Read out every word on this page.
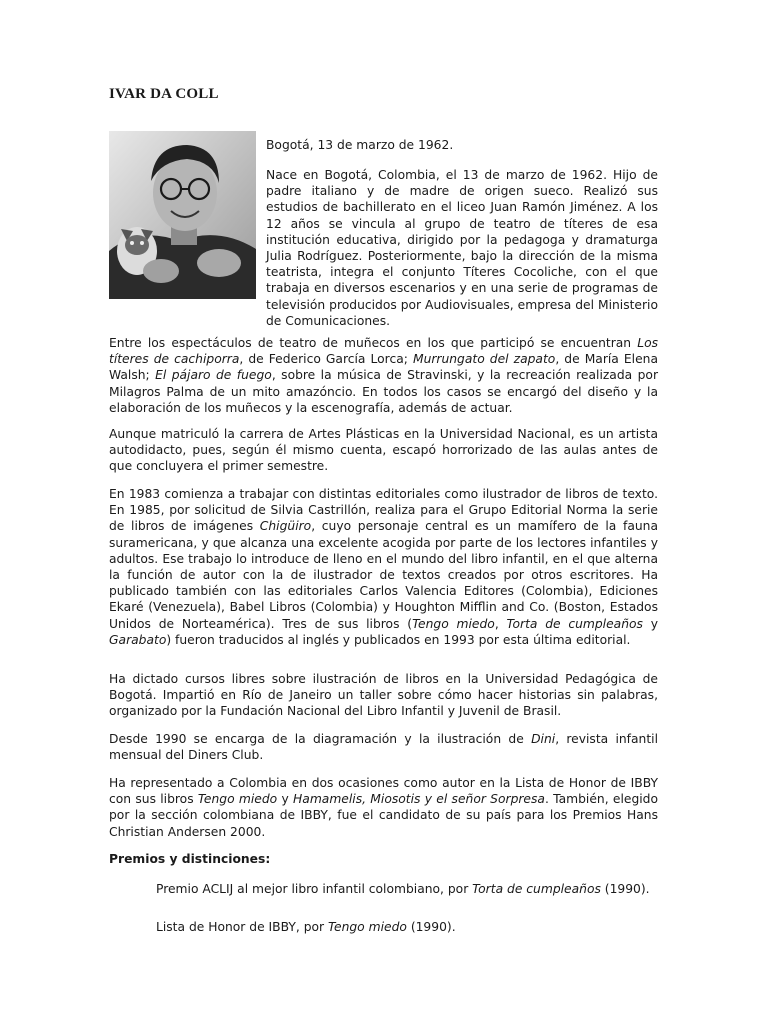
IVAR DA COLL

Bogotá, 13 de marzo de 1962.

Nace en Bogotá, Colombia, el 13 de marzo de 1962. Hijo de padre italiano y de madre de origen sueco. Realizó sus estudios de bachillerato en el liceo Juan Ramón Jiménez. A los 12 años se vincula al grupo de teatro de títeres de esa institución educativa, dirigido por la pedagoga y dramaturga Julia Rodríguez. Posteriormente, bajo la dirección de la misma teatrista, integra el conjunto Títeres Cocoliche, con el que trabaja en diversos escenarios y en una serie de programas de televisión producidos por Audiovisuales, empresa del Ministerio de Comunicaciones.

Entre los espectáculos de teatro de muñecos en los que participó se encuentran Los títeres de cachiporra, de Federico García Lorca; Murrungato del zapato, de María Elena Walsh; El pájaro de fuego, sobre la música de Stravinski, y la recreación realizada por Milagros Palma de un mito amazóncio. En todos los casos se encargó del diseño y la elaboración de los muñecos y la escenografía, además de actuar.

Aunque matriculó la carrera de Artes Plásticas en la Universidad Nacional, es un artista autodidacto, pues, según él mismo cuenta, escapó horrorizado de las aulas antes de que concluyera el primer semestre.

En 1983 comienza a trabajar con distintas editoriales como ilustrador de libros de texto. En 1985, por solicitud de Silvia Castrillón, realiza para el Grupo Editorial Norma la serie de libros de imágenes Chigüiro, cuyo personaje central es un mamífero de la fauna suramericana, y que alcanza una excelente acogida por parte de los lectores infantiles y adultos. Ese trabajo lo introduce de lleno en el mundo del libro infantil, en el que alterna la función de autor con la de ilustrador de textos creados por otros escritores. Ha publicado también con las editoriales Carlos Valencia Editores (Colombia), Ediciones Ekaré (Venezuela), Babel Libros (Colombia) y Houghton Mifflin and Co. (Boston, Estados Unidos de Norteamérica). Tres de sus libros (Tengo miedo, Torta de cumpleaños y Garabato) fueron traducidos al inglés y publicados en 1993 por esta última editorial.

Ha dictado cursos libres sobre ilustración de libros en la Universidad Pedagógica de Bogotá. Impartió en Río de Janeiro un taller sobre cómo hacer historias sin palabras, organizado por la Fundación Nacional del Libro Infantil y Juvenil de Brasil.

Desde 1990 se encarga de la diagramación y la ilustración de Dini, revista infantil mensual del Diners Club.

Ha representado a Colombia en dos ocasiones como autor en la Lista de Honor de IBBY con sus libros Tengo miedo y Hamamelis, Miosotis y el señor Sorpresa. También, elegido por la sección colombiana de IBBY, fue el candidato de su país para los Premios Hans Christian Andersen 2000.

Premios y distinciones:

Premio ACLIJ al mejor libro infantil colombiano, por Torta de cumpleaños (1990).

Lista de Honor de IBBY, por Tengo miedo (1990).
